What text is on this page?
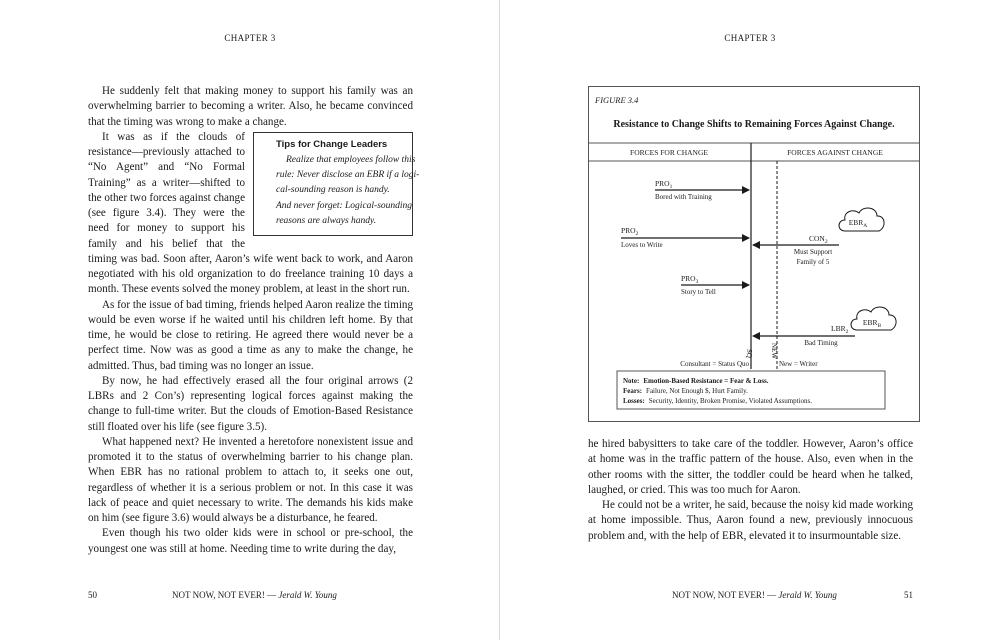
CHAPTER 3

He suddenly felt that making money to support his family was an overwhelming barrier to becoming a writer. Also, he became convinced that the timing was wrong to make a change.

Tips for Change Leaders
Realize that employees follow this
rule: Never disclose an EBR if a logi-
cal-sounding reason is handy.
And never forget: Logical-sounding
reasons are always handy.
It was as if the clouds of resistance—previously attached to “No Agent” and “No Formal Training” as a writer—shifted to the other two forces against change (see figure 3.4). They were the need for money to support his family and his belief that the timing was bad. Soon after, Aaron’s wife went back to work, and Aaron negotiated with his old organization to do freelance training 10 days a month. These events solved the money problem, at least in the short run.

As for the issue of bad timing, friends helped Aaron realize the timing would be even worse if he waited until his children left home. By that time, he would be close to retiring. He agreed there would never be a perfect time. Now was as good a time as any to make the change, he admitted. Thus, bad timing was no longer an issue.

By now, he had effectively erased all the four original arrows (2 LBRs and 2 Con’s) representing logical forces against making the change to full-time writer. But the clouds of Emotion-Based Resistance still floated over his life (see figure 3.5).

What happened next? He invented a heretofore nonexistent issue and promoted it to the status of overwhelming barrier to his change plan. When EBR has no rational problem to attach to, it seeks one out, regardless of whether it is a serious problem or not. In this case it was lack of peace and quiet necessary to write. The demands his kids make on him (see figure 3.6) would always be a disturbance, he feared.

Even though his two older kids were in school or pre-school, the youngest one was still at home. Needing time to write during the day,

50	NOT NOW, NOT EVER! — Jerald W. Young
CHAPTER 3

he hired babysitters to take care of the toddler. However, Aaron’s office at home was in the traffic pattern of the house. Also, even when in the other rooms with the sitter, the toddler could be heard when he talked, laughed, or cried. This was too much for Aaron.

He could not be a writer, he said, because the noisy kid made working at home impossible. Thus, Aaron found a new, previously innocuous problem and, with the help of EBR, elevated it to insurmountable size.

NOT NOW, NOT EVER! — Jerald W. Young	51
FIGURE 3.4
Resistance to Change Shifts to Remaining Forces Against Change.
FORCES FOR CHANGE	FORCES AGAINST CHANGE
$PRO_1$
Bored with Training
$PRO_2$
Loves to Write
$PRO_3$
Story to Tell
$CON_2$
Must Support
Family of 5
$EBR_A$
$LBR_2$
Bad Timing
$EBR_B$
SQ NEW
Consultant = Status Quo	New = Writer
Note: Emotion-Based Resistance = Fear & Loss.
Fears: Failure, Not Enough $, Hurt Family.
Losses: Security, Identity, Broken Promise, Violated Assumptions.
